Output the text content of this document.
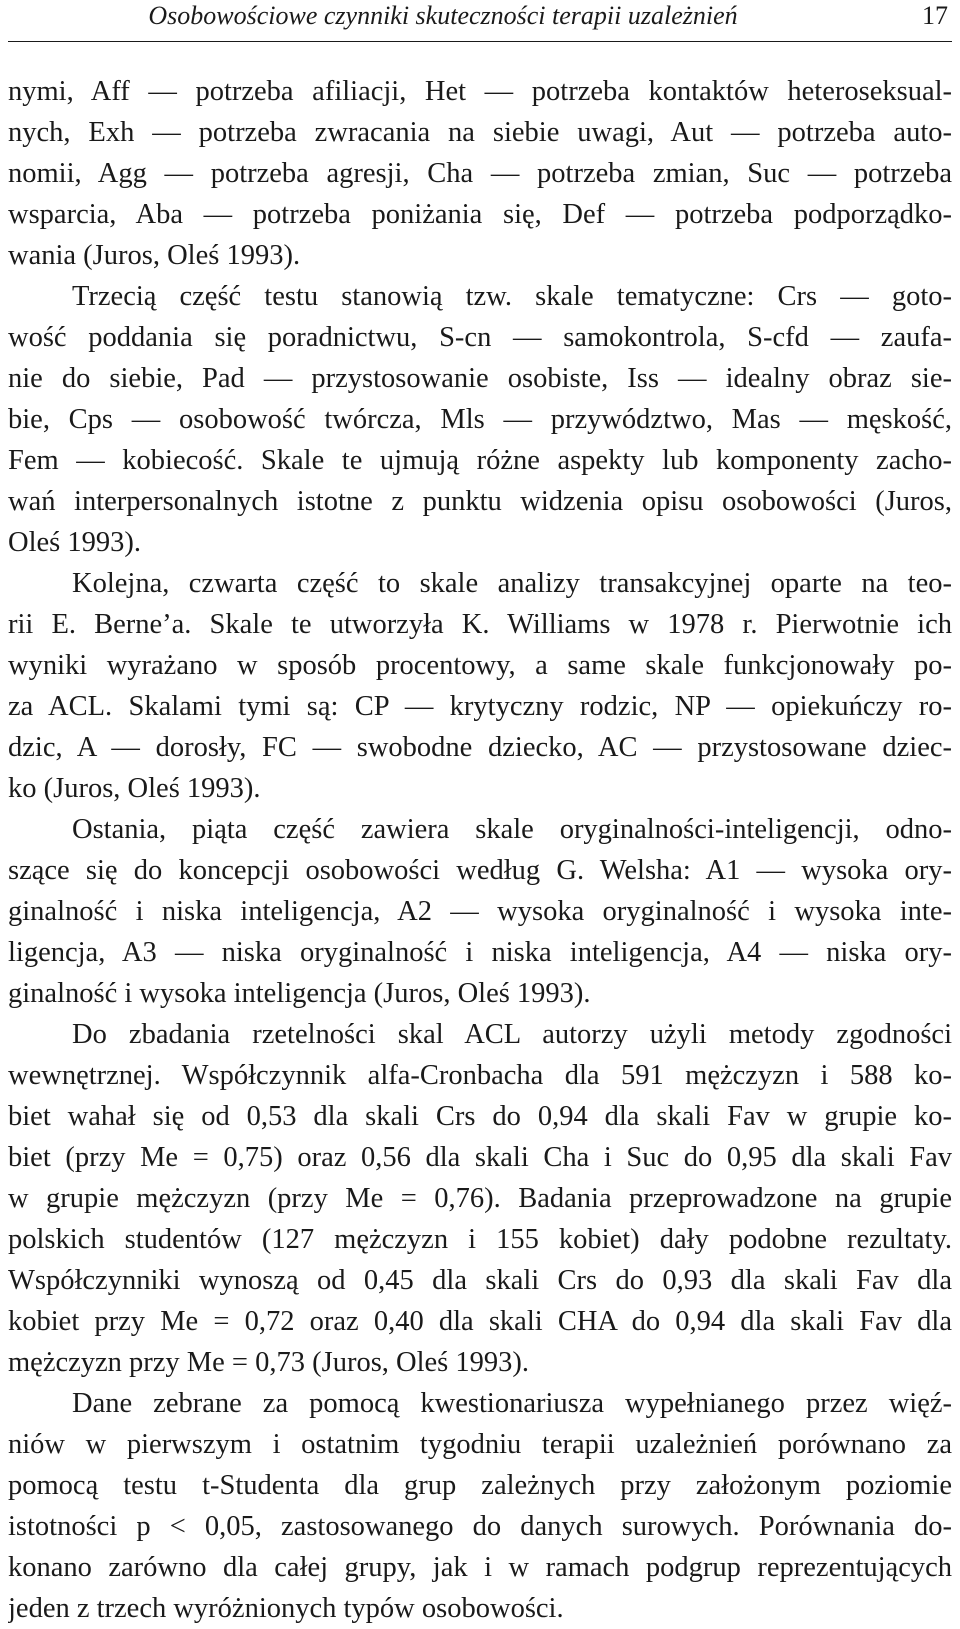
Osobowościowe czynniki skuteczności terapii uzależnień	17
nymi, Aff — potrzeba afiliacji, Het — potrzeba kontaktów heteroseksual-
nych, Exh — potrzeba zwracania na siebie uwagi, Aut — potrzeba auto-
nomii, Agg — potrzeba agresji, Cha — potrzeba zmian, Suc — potrzeba
wsparcia, Aba — potrzeba poniżania się, Def — potrzeba podporządko-
wania (Juros, Oleś 1993).
Trzecią część testu stanowią tzw. skale tematyczne: Crs — goto-
wość poddania się poradnictwu, S-cn — samokontrola, S-cfd — zaufa-
nie do siebie, Pad — przystosowanie osobiste, Iss — idealny obraz sie-
bie, Cps — osobowość twórcza, Mls — przywództwo, Mas — męskość,
Fem — kobiecość. Skale te ujmują różne aspekty lub komponenty zacho-
wań interpersonalnych istotne z punktu widzenia opisu osobowości (Juros,
Oleś 1993).
Kolejna, czwarta część to skale analizy transakcyjnej oparte na teo-
rii E. Berne’a. Skale te utworzyła K. Williams w 1978 r. Pierwotnie ich
wyniki wyrażano w sposób procentowy, a same skale funkcjonowały po-
za ACL. Skalami tymi są: CP — krytyczny rodzic, NP — opiekuńczy ro-
dzic, A — dorosły, FC — swobodne dziecko, AC — przystosowane dziec-
ko (Juros, Oleś 1993).
Ostania, piąta część zawiera skale oryginalności-inteligencji, odno-
szące się do koncepcji osobowości według G. Welsha: A1 — wysoka ory-
ginalność i niska inteligencja, A2 — wysoka oryginalność i wysoka inte-
ligencja, A3 — niska oryginalność i niska inteligencja, A4 — niska ory-
ginalność i wysoka inteligencja (Juros, Oleś 1993).
Do zbadania rzetelności skal ACL autorzy użyli metody zgodności
wewnętrznej. Współczynnik alfa-Cronbacha dla 591 mężczyzn i 588 ko-
biet wahał się od 0,53 dla skali Crs do 0,94 dla skali Fav w grupie ko-
biet (przy Me = 0,75) oraz 0,56 dla skali Cha i Suc do 0,95 dla skali Fav
w grupie mężczyzn (przy Me = 0,76). Badania przeprowadzone na grupie
polskich studentów (127 mężczyzn i 155 kobiet) dały podobne rezultaty.
Współczynniki wynoszą od 0,45 dla skali Crs do 0,93 dla skali Fav dla
kobiet przy Me = 0,72 oraz 0,40 dla skali CHA do 0,94 dla skali Fav dla
mężczyzn przy Me = 0,73 (Juros, Oleś 1993).
Dane zebrane za pomocą kwestionariusza wypełnianego przez więź-
niów w pierwszym i ostatnim tygodniu terapii uzależnień porównano za
pomocą testu t-Studenta dla grup zależnych przy założonym poziomie
istotności p < 0,05, zastosowanego do danych surowych. Porównania do-
konano zarówno dla całej grupy, jak i w ramach podgrup reprezentujących
jeden z trzech wyróżnionych typów osobowości.
